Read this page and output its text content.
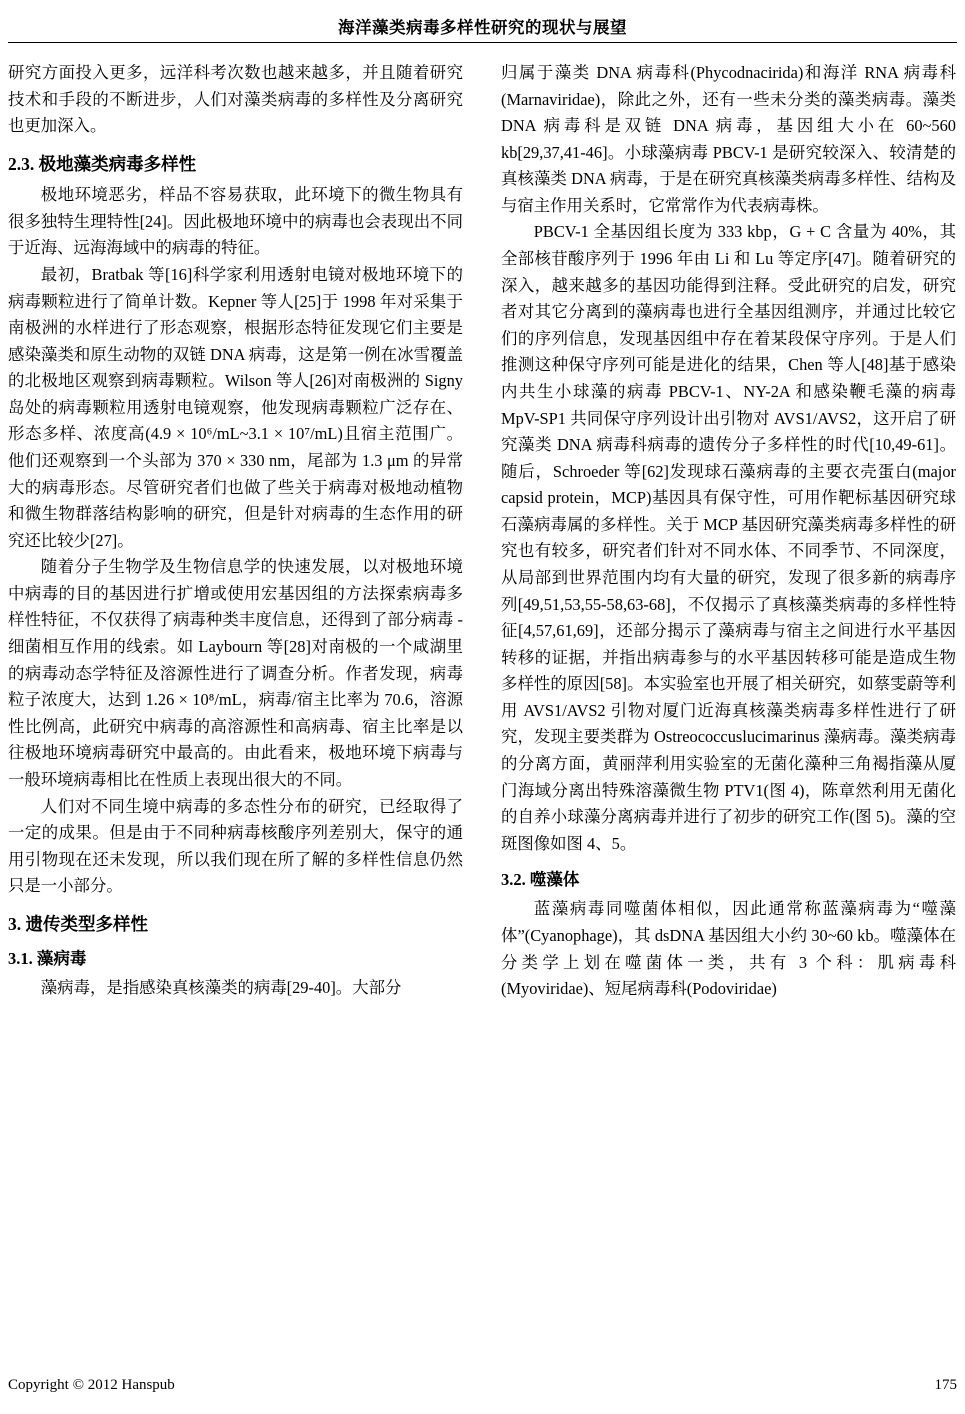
海洋藻类病毒多样性研究的现状与展望

研究方面投入更多，远洋科考次数也越来越多，并且随着研究技术和手段的不断进步，人们对藻类病毒的多样性及分离研究也更加深入。

2.3. 极地藻类病毒多样性

极地环境恶劣，样品不容易获取，此环境下的微生物具有很多独特生理特性[24]。因此极地环境中的病毒也会表现出不同于近海、远海海域中的病毒的特征。

最初，Bratbak 等[16]科学家利用透射电镜对极地环境下的病毒颗粒进行了简单计数。Kepner 等人[25]于 1998 年对采集于南极洲的水样进行了形态观察，根据形态特征发现它们主要是感染藻类和原生动物的双链 DNA 病毒，这是第一例在冰雪覆盖的北极地区观察到病毒颗粒。Wilson 等人[26]对南极洲的 Signy 岛处的病毒颗粒用透射电镜观察，他发现病毒颗粒广泛存在、形态多样、浓度高(4.9 × 10⁶/mL~3.1 × 10⁷/mL)且宿主范围广。他们还观察到一个头部为 370 × 330 nm，尾部为 1.3 μm 的异常大的病毒形态。尽管研究者们也做了些关于病毒对极地动植物和微生物群落结构影响的研究，但是针对病毒的生态作用的研究还比较少[27]。

随着分子生物学及生物信息学的快速发展，以对极地环境中病毒的目的基因进行扩增或使用宏基因组的方法探索病毒多样性特征，不仅获得了病毒种类丰度信息，还得到了部分病毒 - 细菌相互作用的线索。如 Laybourn 等[28]对南极的一个咸湖里的病毒动态学特征及溶源性进行了调查分析。作者发现，病毒粒子浓度大，达到 1.26 × 10⁸/mL，病毒/宿主比率为 70.6，溶源性比例高，此研究中病毒的高溶源性和高病毒、宿主比率是以往极地环境病毒研究中最高的。由此看来，极地环境下病毒与一般环境病毒相比在性质上表现出很大的不同。

人们对不同生境中病毒的多态性分布的研究，已经取得了一定的成果。但是由于不同种病毒核酸序列差别大，保守的通用引物现在还未发现，所以我们现在所了解的多样性信息仍然只是一小部分。

3. 遗传类型多样性
3.1. 藻病毒

藻病毒，是指感染真核藻类的病毒[29-40]。大部分

归属于藻类 DNA 病毒科(Phycodnacirida)和海洋 RNA 病毒科(Marnaviridae)，除此之外，还有一些未分类的藻类病毒。藻类 DNA 病毒科是双链 DNA 病毒，基因组大小在 60~560 kb[29,37,41-46]。小球藻病毒 PBCV-1 是研究较深入、较清楚的真核藻类 DNA 病毒，于是在研究真核藻类病毒多样性、结构及与宿主作用关系时，它常常作为代表病毒株。

PBCV-1 全基因组长度为 333 kbp，G + C 含量为 40%，其全部核苷酸序列于 1996 年由 Li 和 Lu 等定序[47]。随着研究的深入，越来越多的基因功能得到注释。受此研究的启发，研究者对其它分离到的藻病毒也进行全基因组测序，并通过比较它们的序列信息，发现基因组中存在着某段保守序列。于是人们推测这种保守序列可能是进化的结果，Chen 等人[48]基于感染内共生小球藻的病毒 PBCV-1、NY-2A 和感染鞭毛藻的病毒 MpV-SP1 共同保守序列设计出引物对 AVS1/AVS2，这开启了研究藻类 DNA 病毒科病毒的遗传分子多样性的时代[10,49-61]。随后，Schroeder 等[62]发现球石藻病毒的主要衣壳蛋白(major capsid protein，MCP)基因具有保守性，可用作靶标基因研究球石藻病毒属的多样性。关于 MCP 基因研究藻类病毒多样性的研究也有较多，研究者们针对不同水体、不同季节、不同深度，从局部到世界范围内均有大量的研究，发现了很多新的病毒序列[49,51,53,55-58,63-68]，不仅揭示了真核藻类病毒的多样性特征[4,57,61,69]，还部分揭示了藻病毒与宿主之间进行水平基因转移的证据，并指出病毒参与的水平基因转移可能是造成生物多样性的原因[58]。本实验室也开展了相关研究，如蔡雯蔚等利用 AVS1/AVS2 引物对厦门近海真核藻类病毒多样性进行了研究，发现主要类群为 Ostreococcuslucimarinus 藻病毒。藻类病毒的分离方面，黄丽萍利用实验室的无菌化藻种三角褐指藻从厦门海域分离出特殊溶藻微生物 PTV1(图 4)，陈章然利用无菌化的自养小球藻分离病毒并进行了初步的研究工作(图 5)。藻的空斑图像如图 4、5。

3.2. 噬藻体

蓝藻病毒同噬菌体相似，因此通常称蓝藻病毒为“噬藻体”(Cyanophage)，其 dsDNA 基因组大小约 30~60 kb。噬藻体在分类学上划在噬菌体一类，共有 3 个科：肌病毒科(Myoviridae)、短尾病毒科(Podoviridae)

Copyright © 2012 Hanspub	175
